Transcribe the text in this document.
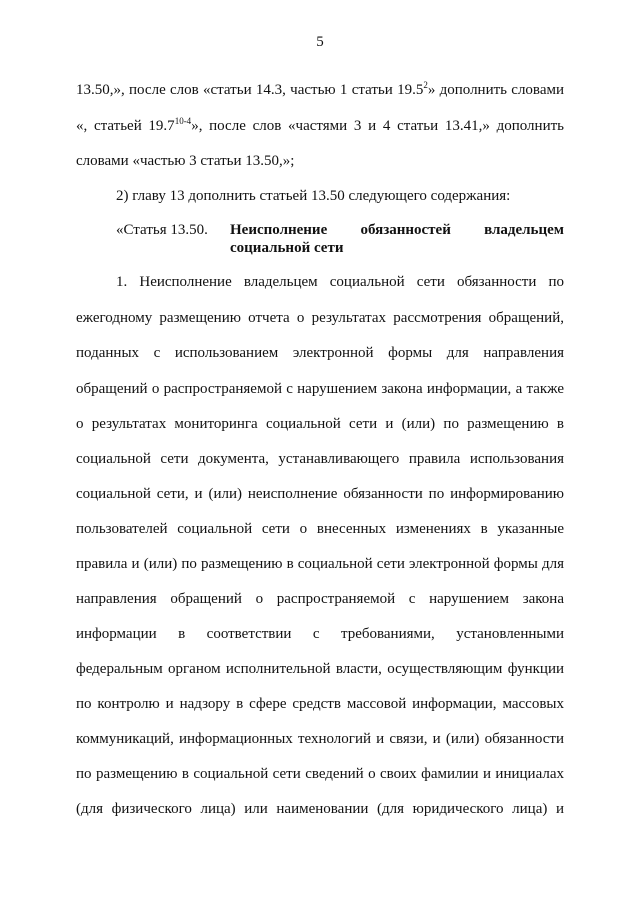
5
13.50,», после слов «статьи 14.3, частью 1 статьи 19.5$^2$» дополнить словами
«, статьей 19.7$^{10-4}$», после слов «частями 3 и 4 статьи 13.41,» дополнить
словами «частью 3 статьи 13.50,»;
2) главу 13 дополнить статьей 13.50 следующего содержания:
«Статья 13.50. Неисполнение обязанностей владельцем
социальной сети
1. Неисполнение владельцем социальной сети обязанности по
ежегодному размещению отчета о результатах рассмотрения обращений,
поданных с использованием электронной формы для направления
обращений о распространяемой с нарушением закона информации, а также
о результатах мониторинга социальной сети и (или) по размещению в
социальной сети документа, устанавливающего правила использования
социальной сети, и (или) неисполнение обязанности по информированию
пользователей социальной сети о внесенных изменениях в указанные
правила и (или) по размещению в социальной сети электронной формы для
направления обращений о распространяемой с нарушением закона
информации в соответствии с требованиями, установленными
федеральным органом исполнительной власти, осуществляющим функции
по контролю и надзору в сфере средств массовой информации, массовых
коммуникаций, информационных технологий и связи, и (или) обязанности
по размещению в социальной сети сведений о своих фамилии и инициалах
(для физического лица) или наименовании (для юридического лица) и
